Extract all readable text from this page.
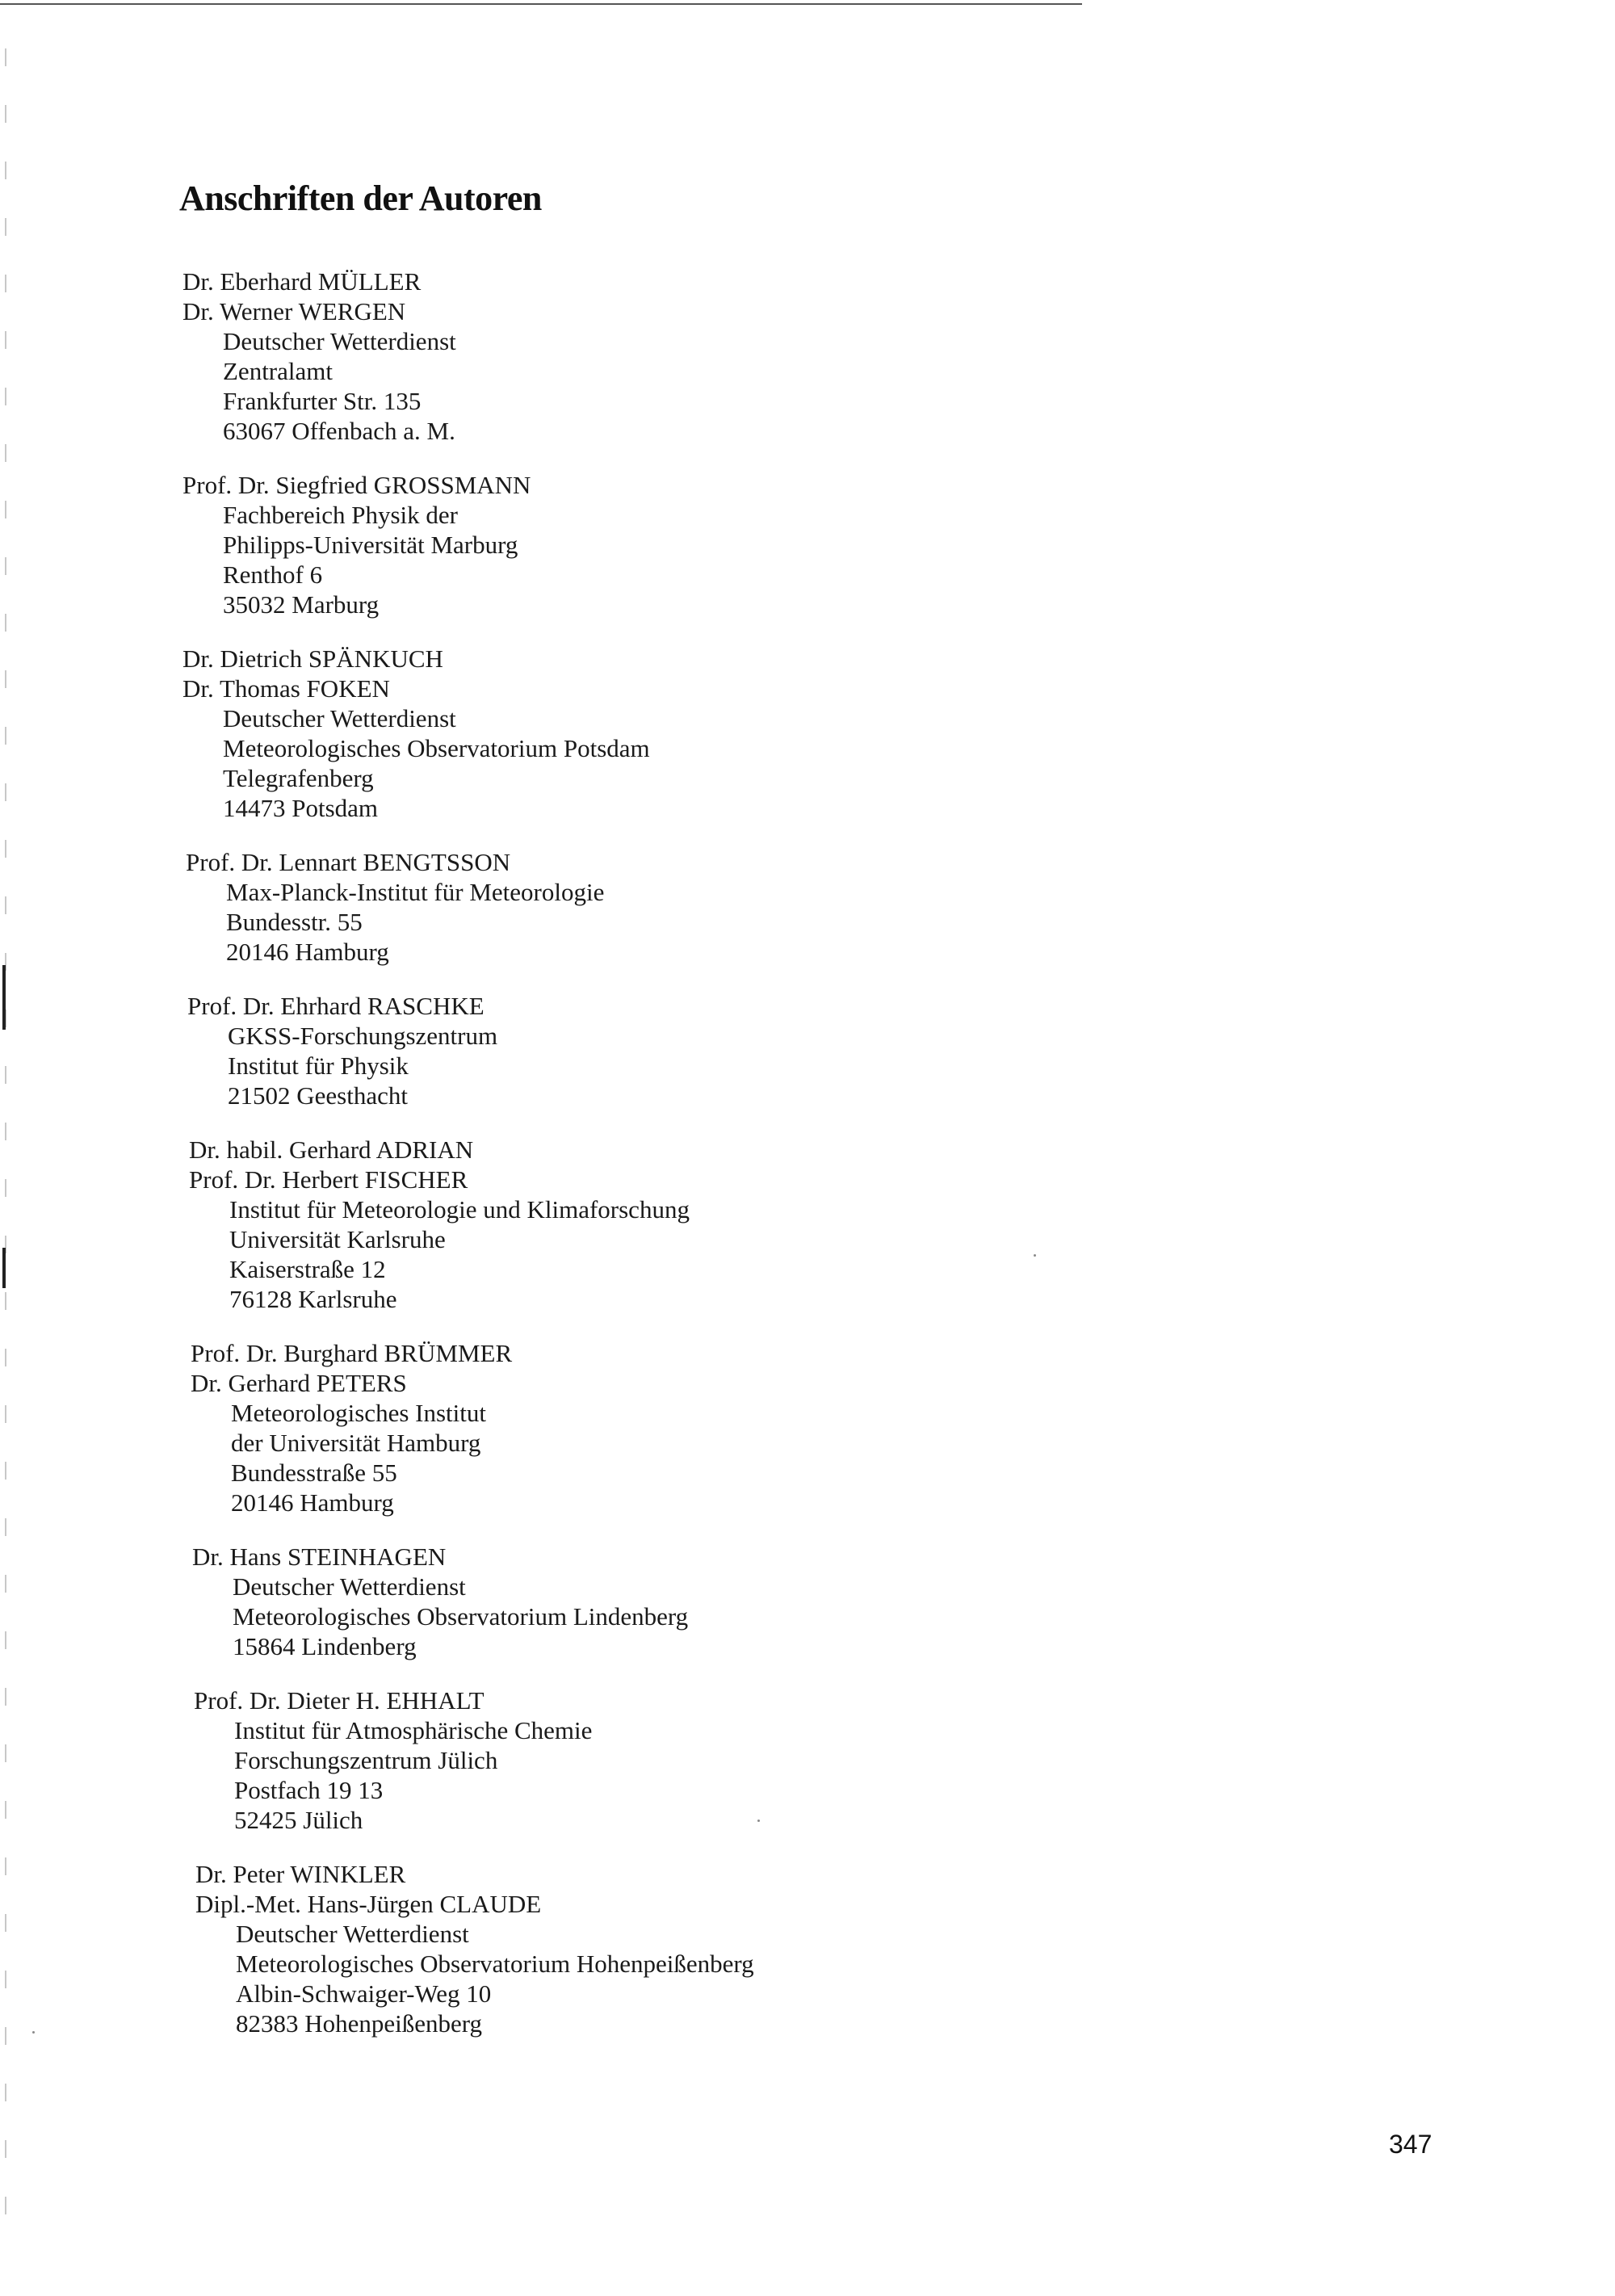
Anschriften der Autoren
Dr. Eberhard MÜLLER
Dr. Werner WERGEN
Deutscher Wetterdienst
Zentralamt
Frankfurter Str. 135
63067 Offenbach a. M.
Prof. Dr. Siegfried GROSSMANN
Fachbereich Physik der
Philipps-Universität Marburg
Renthof 6
35032 Marburg
Dr. Dietrich SPÄNKUCH
Dr. Thomas FOKEN
Deutscher Wetterdienst
Meteorologisches Observatorium Potsdam
Telegrafenberg
14473 Potsdam
Prof. Dr. Lennart BENGTSSON
Max-Planck-Institut für Meteorologie
Bundesstr. 55
20146 Hamburg
Prof. Dr. Ehrhard RASCHKE
GKSS-Forschungszentrum
Institut für Physik
21502 Geesthacht
Dr. habil. Gerhard ADRIAN
Prof. Dr. Herbert FISCHER
Institut für Meteorologie und Klimaforschung
Universität Karlsruhe
Kaiserstraße 12
76128 Karlsruhe
Prof. Dr. Burghard BRÜMMER
Dr. Gerhard PETERS
Meteorologisches Institut
der Universität Hamburg
Bundesstraße 55
20146 Hamburg
Dr. Hans STEINHAGEN
Deutscher Wetterdienst
Meteorologisches Observatorium Lindenberg
15864 Lindenberg
Prof. Dr. Dieter H. EHHALT
Institut für Atmosphärische Chemie
Forschungszentrum Jülich
Postfach 19 13
52425 Jülich
Dr. Peter WINKLER
Dipl.-Met. Hans-Jürgen CLAUDE
Deutscher Wetterdienst
Meteorologisches Observatorium Hohenpeißenberg
Albin-Schwaiger-Weg 10
82383 Hohenpeißenberg
347
